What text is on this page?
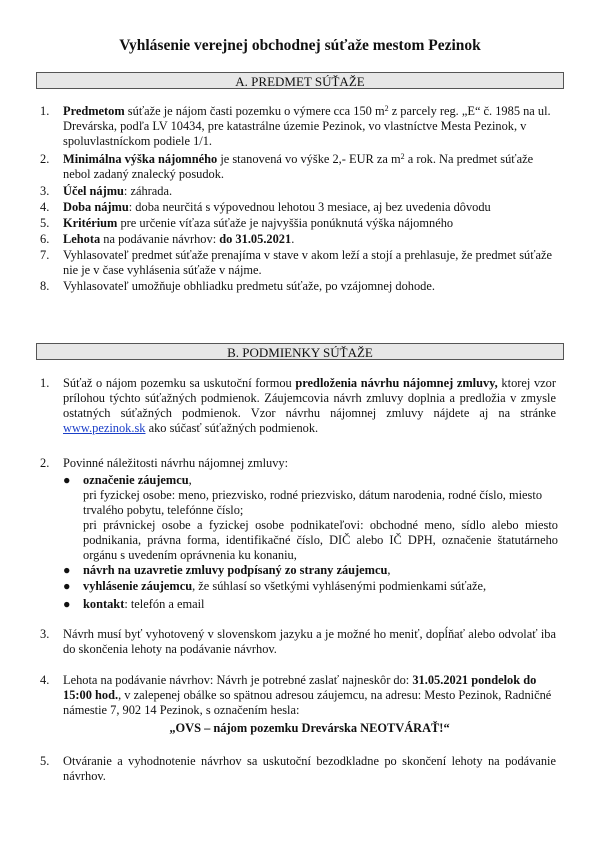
Vyhlásenie verejnej obchodnej súťaže mestom Pezinok
A. PREDMET SÚŤAŽE
1.	Predmetom súťaže je nájom časti pozemku o výmere cca 150 $m^2$ z parcely reg. „E“ č. 1985 na ul. Drevárska, podľa LV 10434, pre katastrálne územie Pezinok, vo vlastníctve Mesta Pezinok, v spoluvlastníckom podiele 1/1.
2.	Minimálna výška nájomného je stanovená vo výške 2,- EUR za $m^2$ a rok. Na predmet súťaže nebol zadaný znalecký posudok.
3.	Účel nájmu: záhrada.
4.	Doba nájmu: doba neurčitá s výpovednou lehotou 3 mesiace, aj bez uvedenia dôvodu
5.	Kritérium pre určenie víťaza súťaže je najvyššia ponúknutá výška nájomného
6.	Lehota na podávanie návrhov: do 31.05.2021.
7.	Vyhlasovateľ predmet súťaže prenajíma v stave v akom leží a stojí a prehlasuje, že predmet súťaže nie je v čase vyhlásenia súťaže v nájme.
8.	Vyhlasovateľ umožňuje obhliadku predmetu súťaže, po vzájomnej dohode.
B. PODMIENKY SÚŤAŽE
1.	Súťaž o nájom pozemku sa uskutoční formou predloženia návrhu nájomnej zmluvy, ktorej vzor prílohou týchto súťažných podmienok. Záujemcovia návrh zmluvy doplnia a predložia v zmysle ostatných súťažných podmienok. Vzor návrhu nájomnej zmluvy nájdete aj na stránke www.pezinok.sk ako súčasť súťažných podmienok.
2.	Povinné náležitosti návrhu nájomnej zmluvy:
● označenie záujemcu,
pri fyzickej osobe: meno, priezvisko, rodné priezvisko, dátum narodenia, rodné číslo, miesto trvalého pobytu, telefónne číslo;
pri právnickej osobe a fyzickej osobe podnikateľovi: obchodné meno, sídlo alebo miesto podnikania, právna forma, identifikačné číslo, DIČ alebo IČ DPH, označenie štatutárneho orgánu s uvedením oprávnenia ku konaniu,
● návrh na uzavretie zmluvy podpísaný zo strany záujemcu,
● vyhlásenie záujemcu, že súhlasí so všetkými vyhlásenými podmienkami súťaže,
● kontakt: telefón a email
3.	Návrh musí byť vyhotovený v slovenskom jazyku a je možné ho meniť, dopĺňať alebo odvolať iba do skončenia lehoty na podávanie návrhov.
4.	Lehota na podávanie návrhov: Návrh je potrebné zaslať najneskôr do: 31.05.2021 pondelok do 15:00 hod., v zalepenej obálke so spätnou adresou záujemcu, na adresu: Mesto Pezinok, Radničné námestie 7, 902 14 Pezinok, s označením hesla:
„OVS – nájom pozemku Drevárska NEOTVÁRAŤ!“
5.	Otváranie a vyhodnotenie návrhov sa uskutoční bezodkladne po skončení lehoty na podávanie návrhov.
